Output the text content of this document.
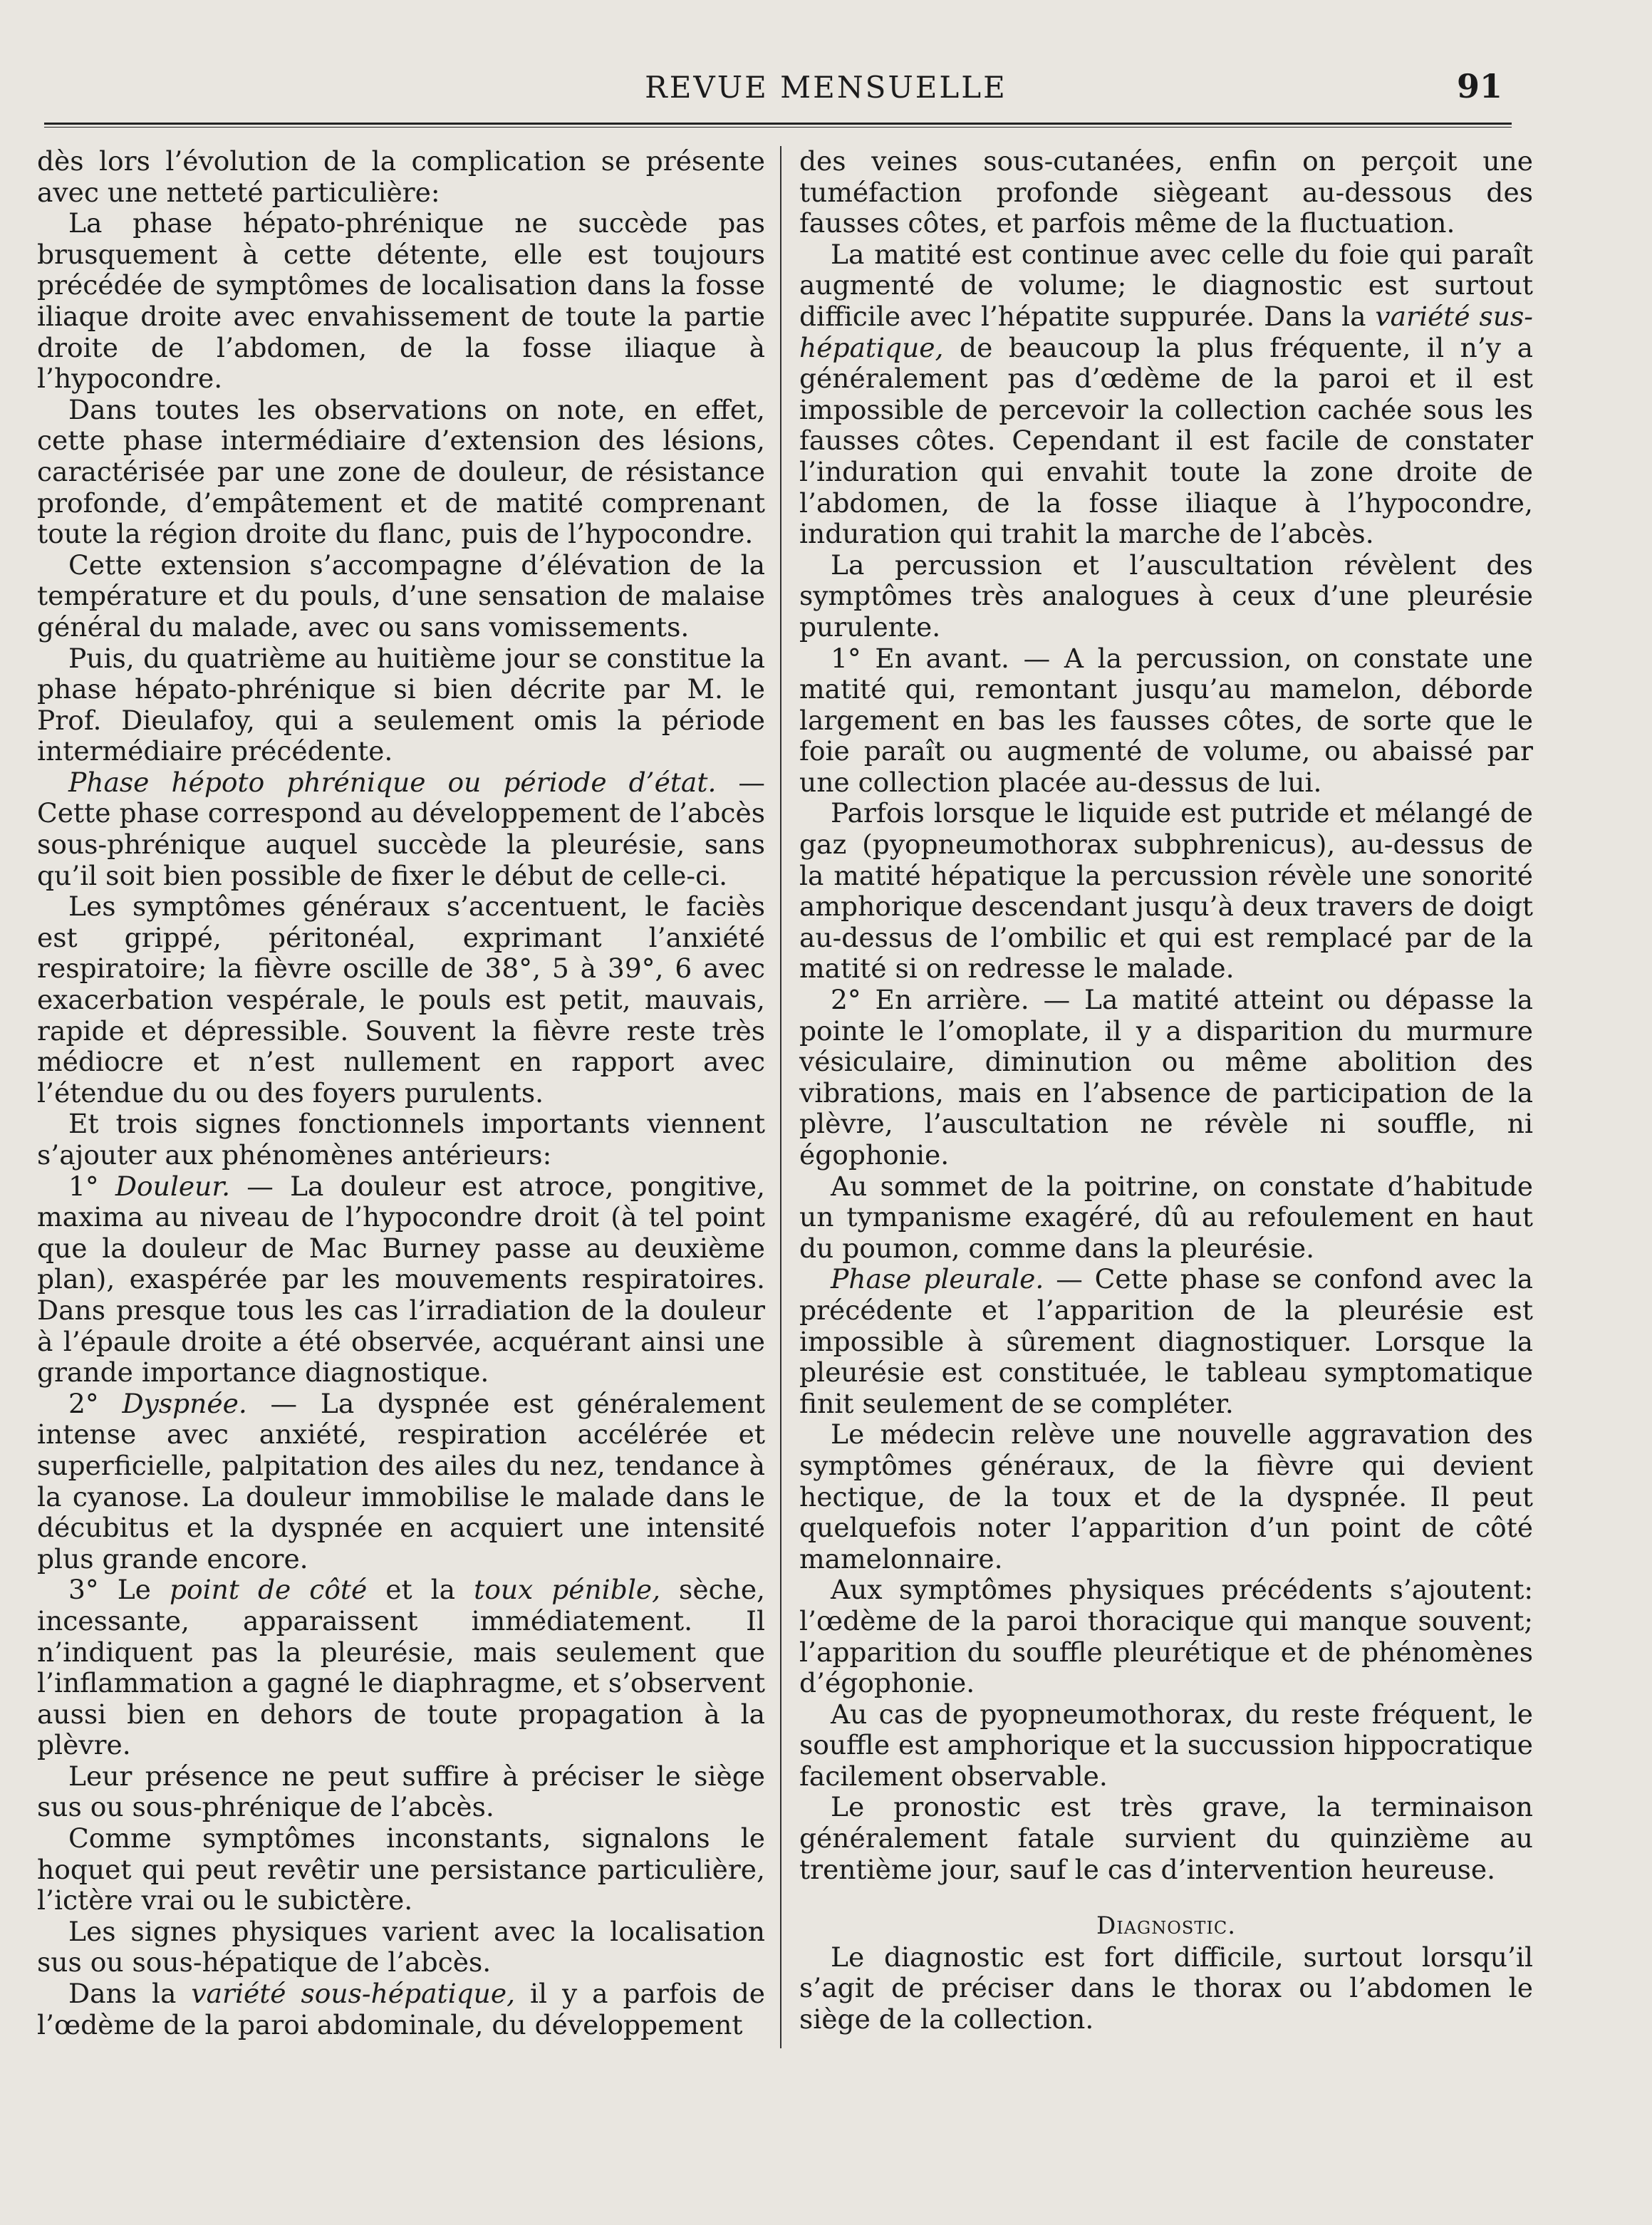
REVUE MENSUELLE	91

dès lors l’évolution de la complication se présente avec une netteté particulière:

La phase hépato-phrénique ne succède pas brusquement à cette détente, elle est toujours précédée de symptômes de localisation dans la fosse iliaque droite avec envahissement de toute la partie droite de l’abdomen, de la fosse iliaque à l’hypocondre.

Dans toutes les observations on note, en effet, cette phase intermédiaire d’extension des lésions, caractérisée par une zone de douleur, de résistance profonde, d’empâtement et de matité comprenant toute la région droite du flanc, puis de l’hypocondre.

Cette extension s’accompagne d’élévation de la température et du pouls, d’une sensation de malaise général du malade, avec ou sans vomissements.

Puis, du quatrième au huitième jour se constitue la phase hépato-phrénique si bien décrite par M. le Prof. Dieulafoy, qui a seulement omis la période intermédiaire précédente.

Phase hépoto phrénique ou période d’état. — Cette phase correspond au développement de l’abcès sous-phrénique auquel succède la pleurésie, sans qu’il soit bien possible de fixer le début de celle-ci.

Les symptômes généraux s’accentuent, le faciès est grippé, péritonéal, exprimant l’anxiété respiratoire; la fièvre oscille de 38°, 5 à 39°, 6 avec exacerbation vespérale, le pouls est petit, mauvais, rapide et dépressible. Souvent la fièvre reste très médiocre et n’est nullement en rapport avec l’étendue du ou des foyers purulents.

Et trois signes fonctionnels importants viennent s’ajouter aux phénomènes antérieurs:

1° Douleur. — La douleur est atroce, pongitive, maxima au niveau de l’hypocondre droit (à tel point que la douleur de Mac Burney passe au deuxième plan), exaspérée par les mouvements respiratoires. Dans presque tous les cas l’irradiation de la douleur à l’épaule droite a été observée, acquérant ainsi une grande importance diagnostique.

2° Dyspnée. — La dyspnée est généralement intense avec anxiété, respiration accélérée et superficielle, palpitation des ailes du nez, tendance à la cyanose. La douleur immobilise le malade dans le décubitus et la dyspnée en acquiert une intensité plus grande encore.

3° Le point de côté et la toux pénible, sèche, incessante, apparaissent immédiatement. Il n’indiquent pas la pleurésie, mais seulement que l’inflammation a gagné le diaphragme, et s’observent aussi bien en dehors de toute propagation à la plèvre.

Leur présence ne peut suffire à préciser le siège sus ou sous-phrénique de l’abcès.

Comme symptômes inconstants, signalons le hoquet qui peut revêtir une persistance particulière, l’ictère vrai ou le subictère.

Les signes physiques varient avec la localisation sus ou sous-hépatique de l’abcès.

Dans la variété sous-hépatique, il y a parfois de l’œdème de la paroi abdominale, du développement

des veines sous-cutanées, enfin on perçoit une tuméfaction profonde siègeant au-dessous des fausses côtes, et parfois même de la fluctuation.

La matité est continue avec celle du foie qui paraît augmenté de volume; le diagnostic est surtout difficile avec l’hépatite suppurée. Dans la variété sus-hépatique, de beaucoup la plus fréquente, il n’y a généralement pas d’œdème de la paroi et il est impossible de percevoir la collection cachée sous les fausses côtes. Cependant il est facile de constater l’induration qui envahit toute la zone droite de l’abdomen, de la fosse iliaque à l’hypocondre, induration qui trahit la marche de l’abcès.

La percussion et l’auscultation révèlent des symptômes très analogues à ceux d’une pleurésie purulente.

1° En avant. — A la percussion, on constate une matité qui, remontant jusqu’au mamelon, déborde largement en bas les fausses côtes, de sorte que le foie paraît ou augmenté de volume, ou abaissé par une collection placée au-dessus de lui.

Parfois lorsque le liquide est putride et mélangé de gaz (pyopneumothorax subphrenicus), au-dessus de la matité hépatique la percussion révèle une sonorité amphorique descendant jusqu’à deux travers de doigt au-dessus de l’ombilic et qui est remplacé par de la matité si on redresse le malade.

2° En arrière. — La matité atteint ou dépasse la pointe le l’omoplate, il y a disparition du murmure vésiculaire, diminution ou même abolition des vibrations, mais en l’absence de participation de la plèvre, l’auscultation ne révèle ni souffle, ni égophonie.

Au sommet de la poitrine, on constate d’habitude un tympanisme exagéré, dû au refoulement en haut du poumon, comme dans la pleurésie.

Phase pleurale. — Cette phase se confond avec la précédente et l’apparition de la pleurésie est impossible à sûrement diagnostiquer. Lorsque la pleurésie est constituée, le tableau symptomatique finit seulement de se compléter.

Le médecin relève une nouvelle aggravation des symptômes généraux, de la fièvre qui devient hectique, de la toux et de la dyspnée. Il peut quelquefois noter l’apparition d’un point de côté mamelonnaire.

Aux symptômes physiques précédents s’ajoutent: l’œdème de la paroi thoracique qui manque souvent; l’apparition du souffle pleurétique et de phénomènes d’égophonie.

Au cas de pyopneumothorax, du reste fréquent, le souffle est amphorique et la succussion hippocratique facilement observable.

Le pronostic est très grave, la terminaison généralement fatale survient du quinzième au trentième jour, sauf le cas d’intervention heureuse.

Diagnostic.

Le diagnostic est fort difficile, surtout lorsqu’il s’agit de préciser dans le thorax ou l’abdomen le siège de la collection.
